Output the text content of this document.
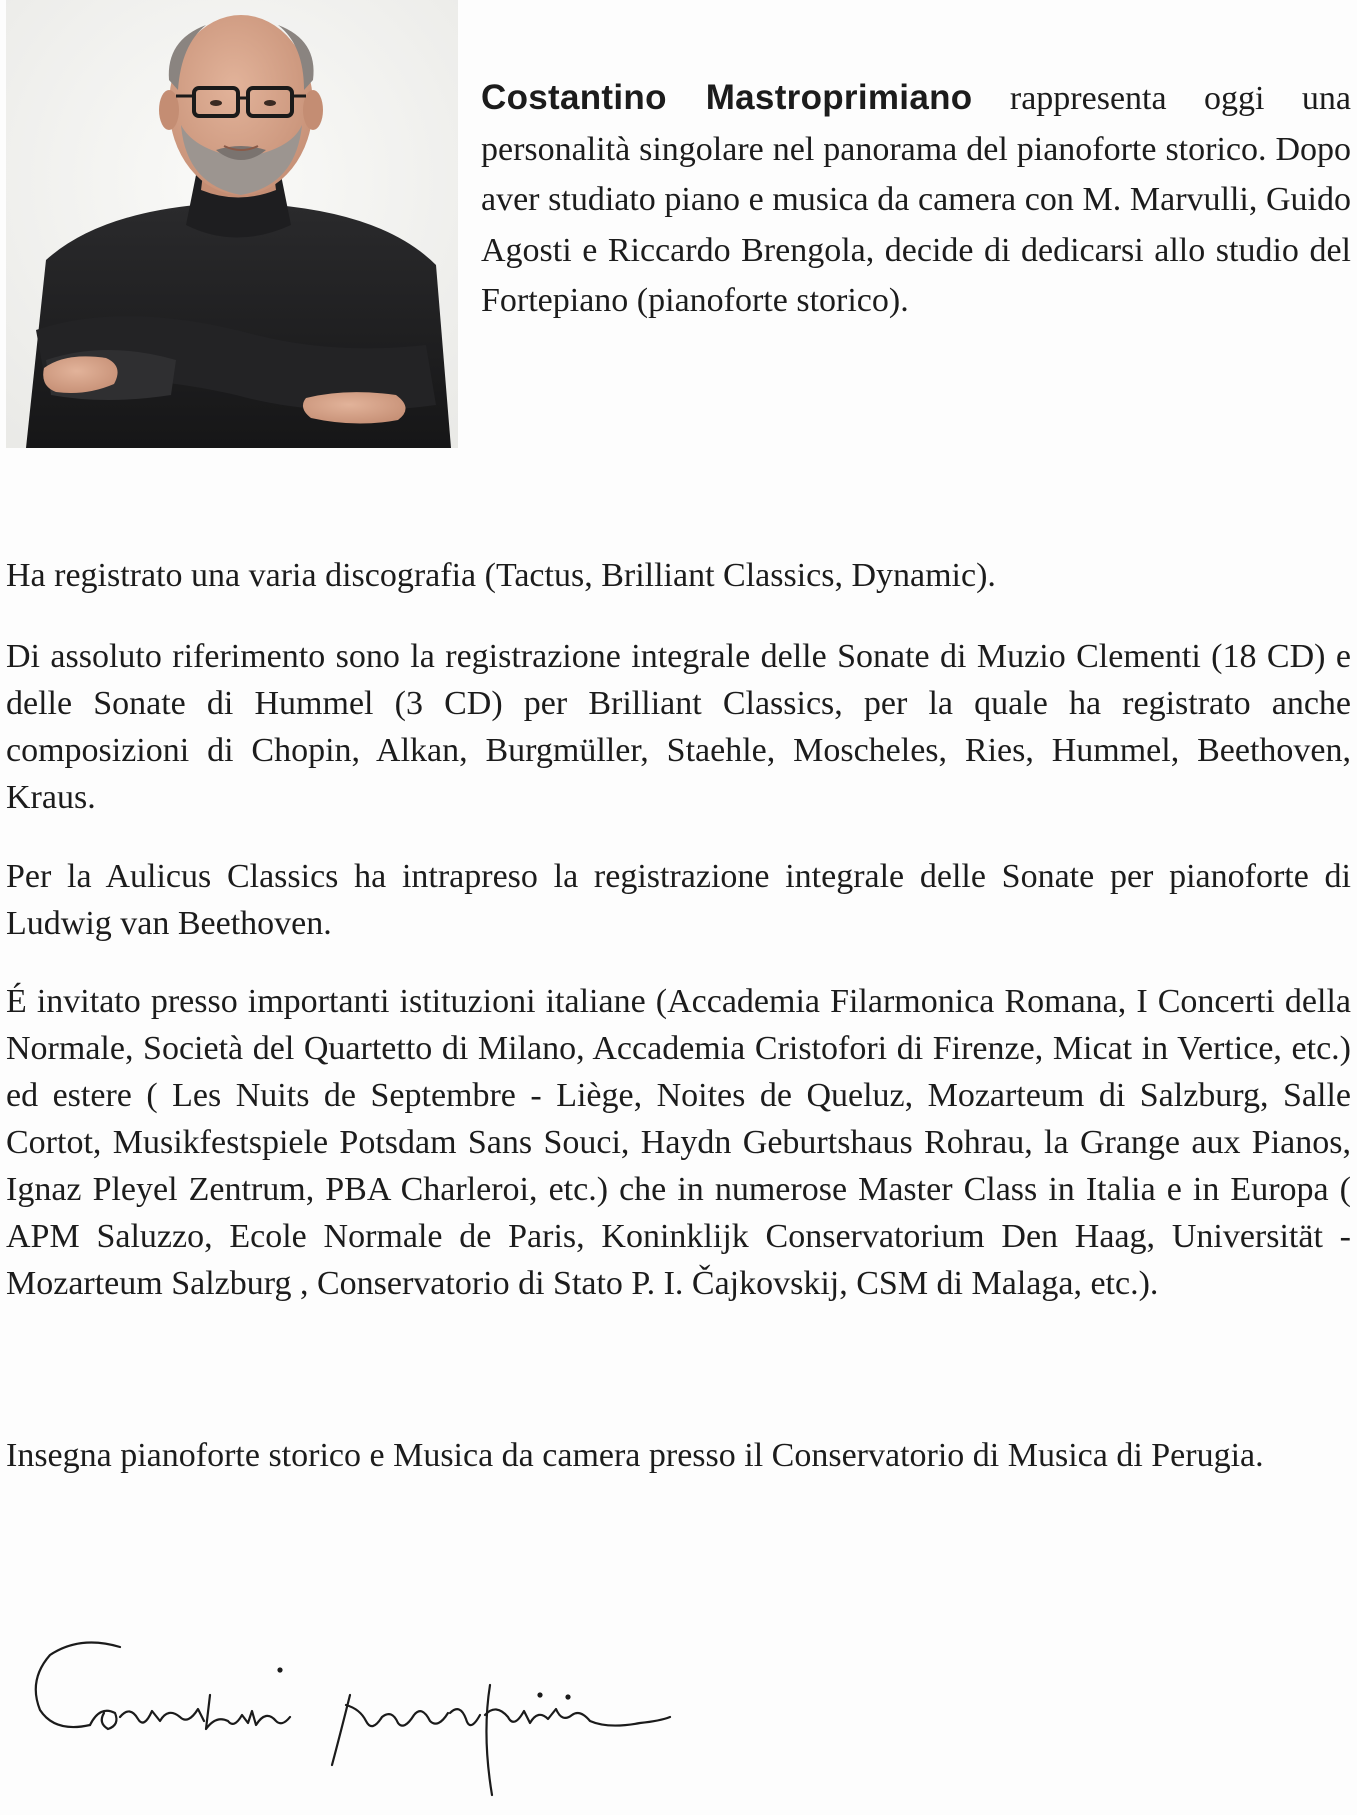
Costantino Mastroprimiano rappresenta oggi una personalità singolare nel panorama del pianoforte storico. Dopo aver studiato piano e musica da camera con M. Marvulli, Guido Agosti e Riccardo Brengola, decide di dedicarsi allo studio del Fortepiano (pianoforte storico).

Ha registrato una varia discografia (Tactus, Brilliant Classics, Dynamic).

Di assoluto riferimento sono la registrazione integrale delle Sonate di Muzio Clementi (18 CD) e delle Sonate di Hummel (3 CD) per Brilliant Classics, per la quale ha registrato anche composizioni di Chopin, Alkan, Burgmüller, Staehle, Moscheles, Ries, Hummel, Beethoven, Kraus.

Per la Aulicus Classics ha intrapreso la registrazione integrale delle Sonate per pianoforte di Ludwig van Beethoven.

É invitato presso importanti istituzioni italiane (Accademia Filarmonica Romana, I Concerti della Normale, Società del Quartetto di Milano, Accademia Cristofori di Firenze, Micat in Vertice, etc.) ed estere ( Les Nuits de Septembre - Liège, Noites de Queluz, Mozarteum di Salzburg, Salle Cortot, Musikfestspiele Potsdam Sans Souci, Haydn Geburtshaus Rohrau, la Grange aux Pianos, Ignaz Pleyel Zentrum, PBA Charleroi, etc.) che in numerose Master Class in Italia e in Europa ( APM Saluzzo, Ecole Normale de Paris, Koninklijk Conservatorium Den Haag, Universität - Mozarteum Salzburg , Conservatorio di Stato P. I. Čajkovskij, CSM di Malaga, etc.).

Insegna pianoforte storico e Musica da camera presso il Conservatorio di Musica di Perugia.
